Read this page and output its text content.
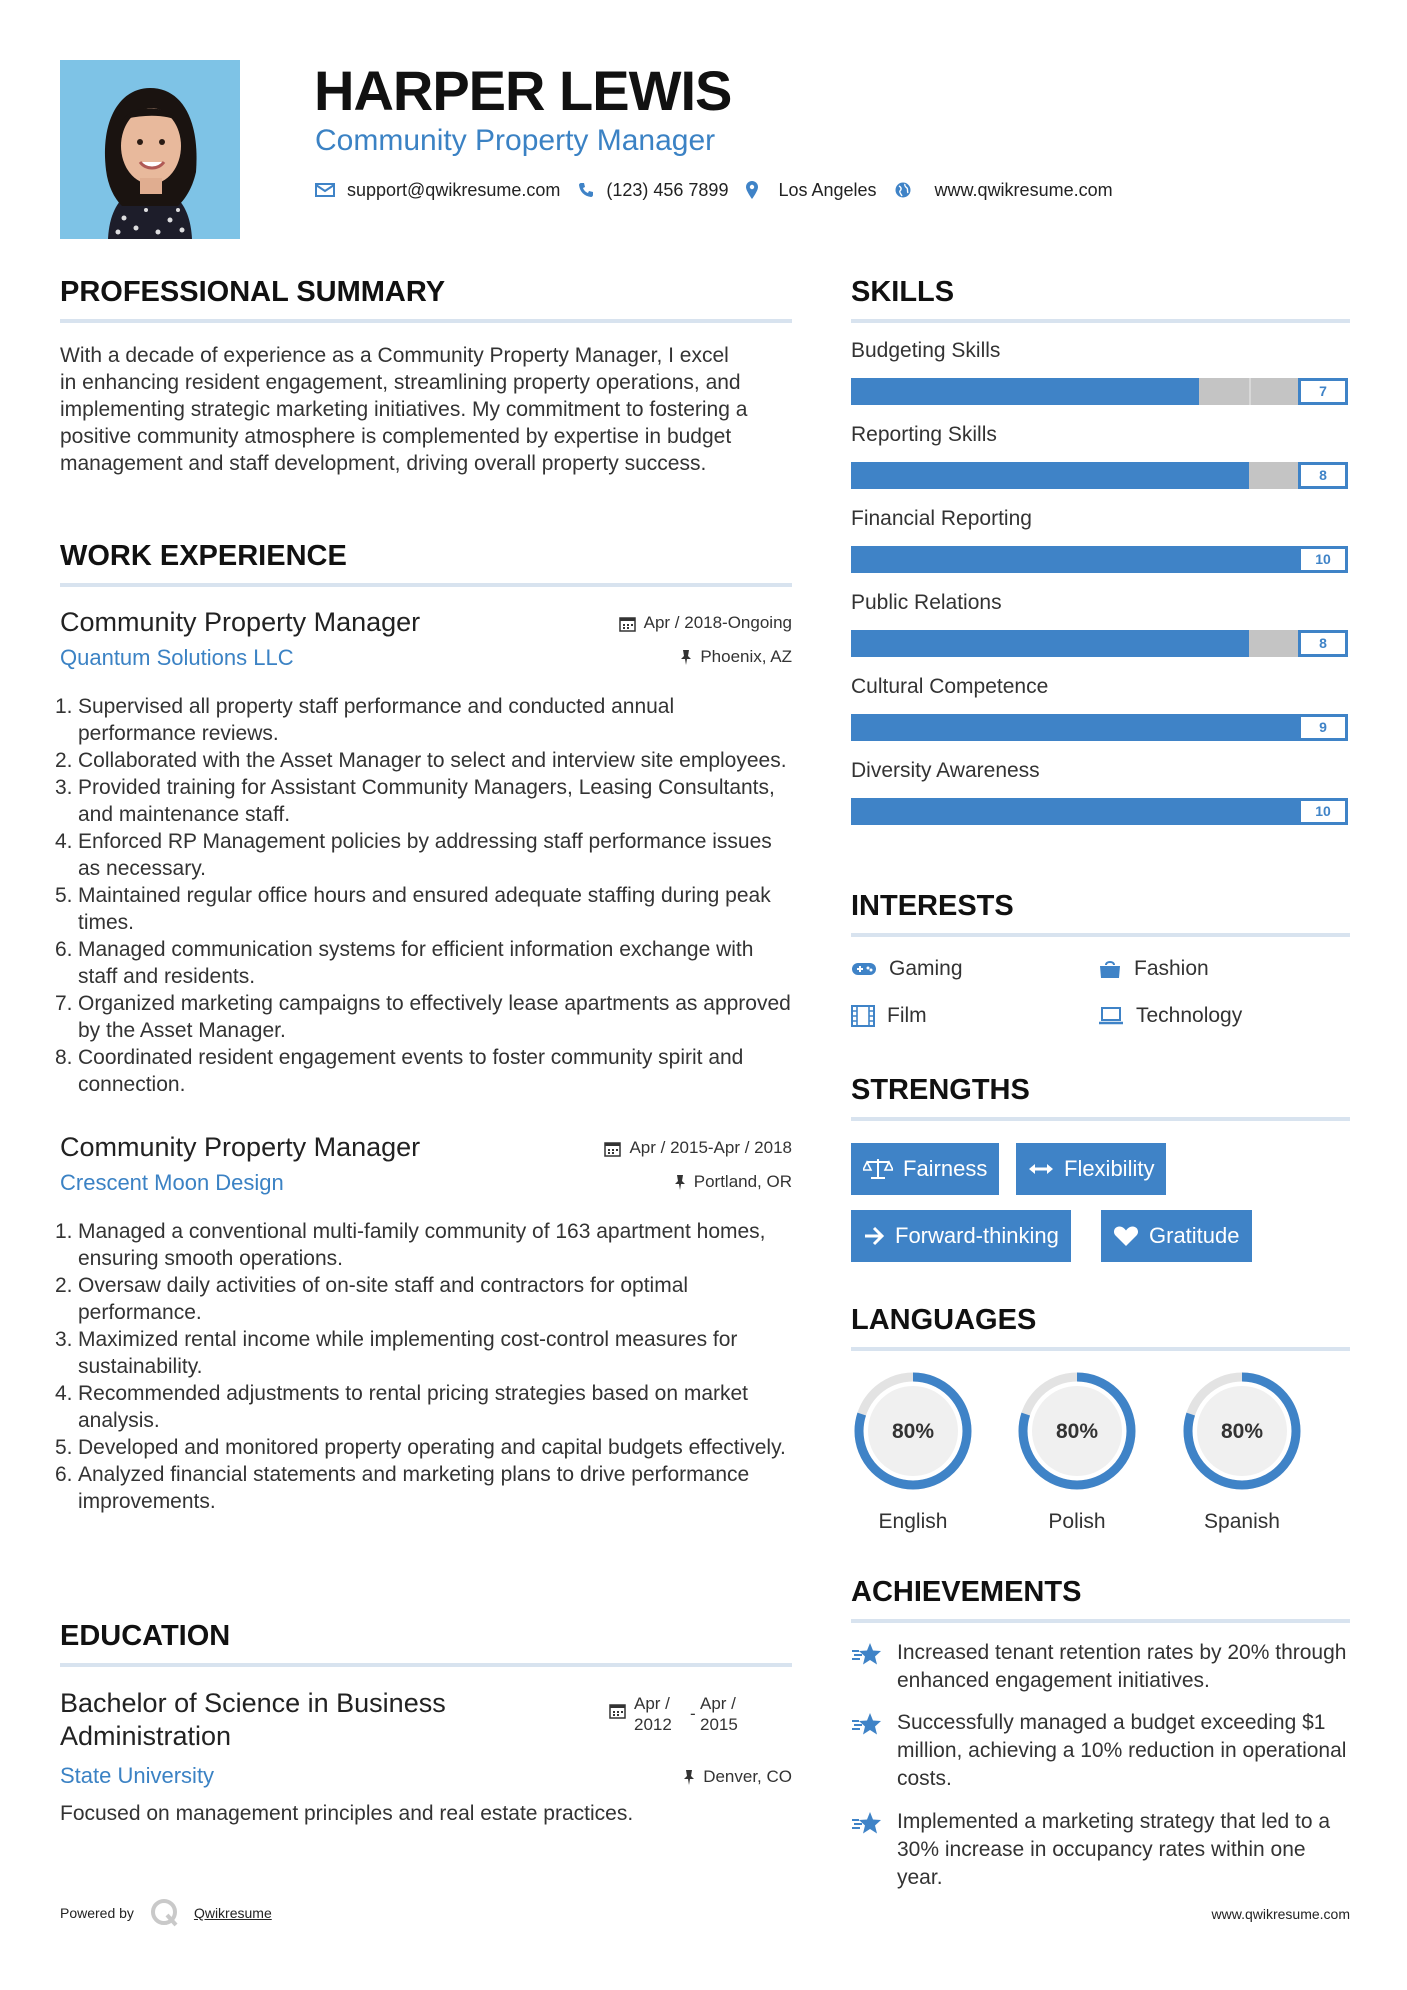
HARPER LEWIS
Community Property Manager
support@qwikresume.com	(123) 456 7899	Los Angeles	www.qwikresume.com
PROFESSIONAL SUMMARY
With a decade of experience as a Community Property Manager, I excel in enhancing resident engagement, streamlining property operations, and implementing strategic marketing initiatives. My commitment to fostering a positive community atmosphere is complemented by expertise in budget management and staff development, driving overall property success.
WORK EXPERIENCE
Community Property Manager
Quantum Solutions LLC
Apr / 2018-Ongoing
Phoenix, AZ
1. Supervised all property staff performance and conducted annual performance reviews.
2. Collaborated with the Asset Manager to select and interview site employees.
3. Provided training for Assistant Community Managers, Leasing Consultants, and maintenance staff.
4. Enforced RP Management policies by addressing staff performance issues as necessary.
5. Maintained regular office hours and ensured adequate staffing during peak times.
6. Managed communication systems for efficient information exchange with staff and residents.
7. Organized marketing campaigns to effectively lease apartments as approved by the Asset Manager.
8. Coordinated resident engagement events to foster community spirit and connection.
Community Property Manager
Crescent Moon Design
Apr / 2015-Apr / 2018
Portland, OR
1. Managed a conventional multi-family community of 163 apartment homes, ensuring smooth operations.
2. Oversaw daily activities of on-site staff and contractors for optimal performance.
3. Maximized rental income while implementing cost-control measures for sustainability.
4. Recommended adjustments to rental pricing strategies based on market analysis.
5. Developed and monitored property operating and capital budgets effectively.
6. Analyzed financial statements and marketing plans to drive performance improvements.
EDUCATION
Bachelor of Science in Business
Administration
State University
Apr /
2012
-
Apr /
2015
Denver, CO
Focused on management principles and real estate practices.
SKILLS
Budgeting Skills
7
Reporting Skills
8
Financial Reporting
10
Public Relations
8
Cultural Competence
9
Diversity Awareness
10
INTERESTS
Gaming	Fashion
Film	Technology
STRENGTHS
Fairness	Flexibility
Forward-thinking	Gratitude
LANGUAGES
80%
English
80%
Polish
80%
Spanish
ACHIEVEMENTS
Increased tenant retention rates by 20% through enhanced engagement initiatives.
Successfully managed a budget exceeding $1 million, achieving a 10% reduction in operational costs.
Implemented a marketing strategy that led to a 30% increase in occupancy rates within one year.
Powered by	Qwikresume	www.qwikresume.com
